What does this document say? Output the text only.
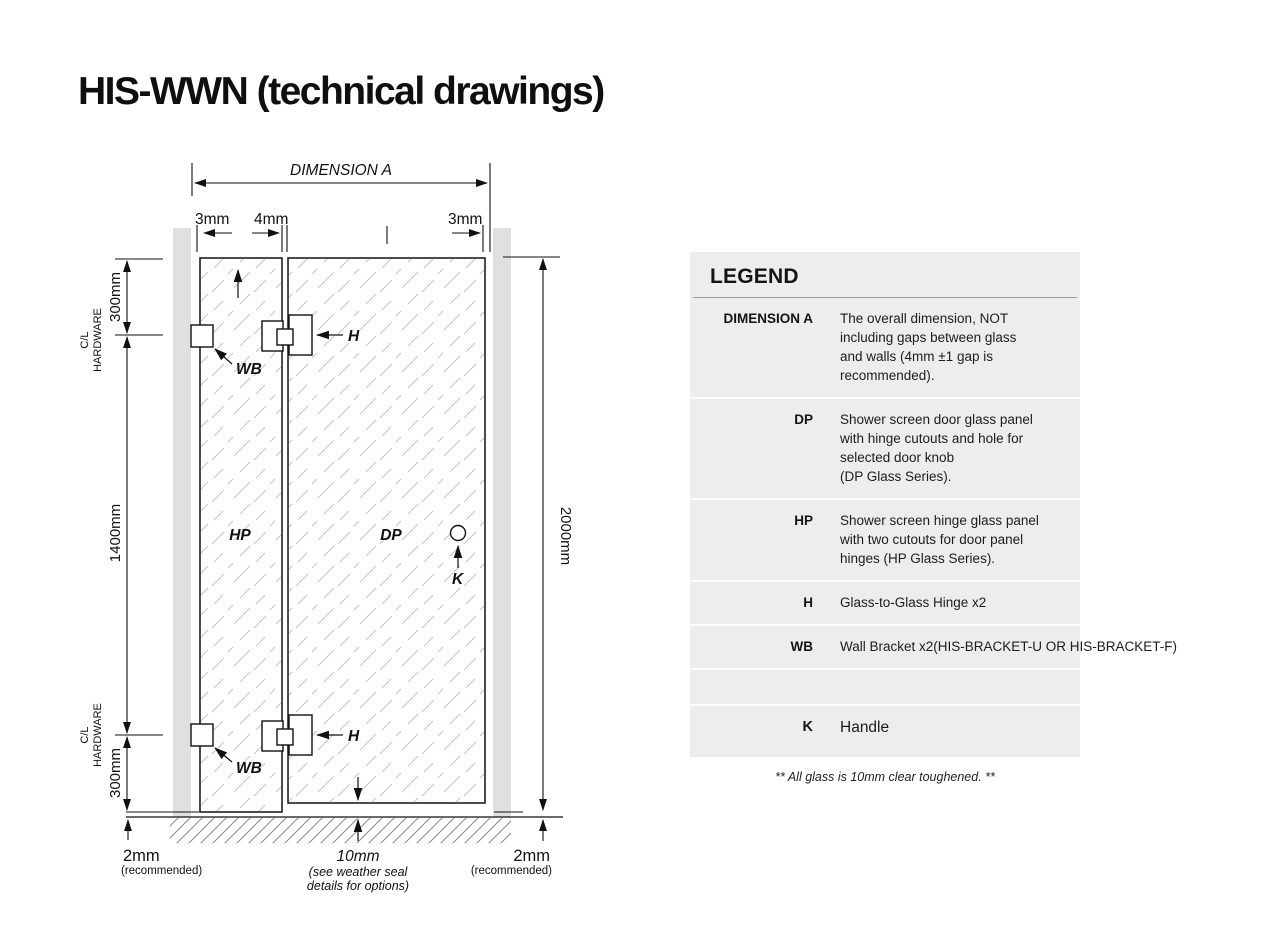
HIS-WWN (technical drawings)
DIMENSION A
3mm 4mm	3mm
300mm
1400mm
300mm
C/L HARDWARE
C/L HARDWARE
2000mm
WB
WB
H
H
K
HP	DP
2mm
(recommended)
10mm
(see weather seal
details for options)
2mm
(recommended)
LEGEND
DIMENSION A The overall dimension, NOT
including gaps between glass
and walls (4mm ±1 gap is
recommended).
DP Shower screen door glass panel
with hinge cutouts and hole for
selected door knob
(DP Glass Series).
HP Shower screen hinge glass panel
with two cutouts for door panel
hinges (HP Glass Series).
H Glass-to-Glass Hinge x2
WB Wall Bracket x2(HIS-BRACKET-U OR HIS-BRACKET-F)
K Handle
** All glass is 10mm clear toughened. **
